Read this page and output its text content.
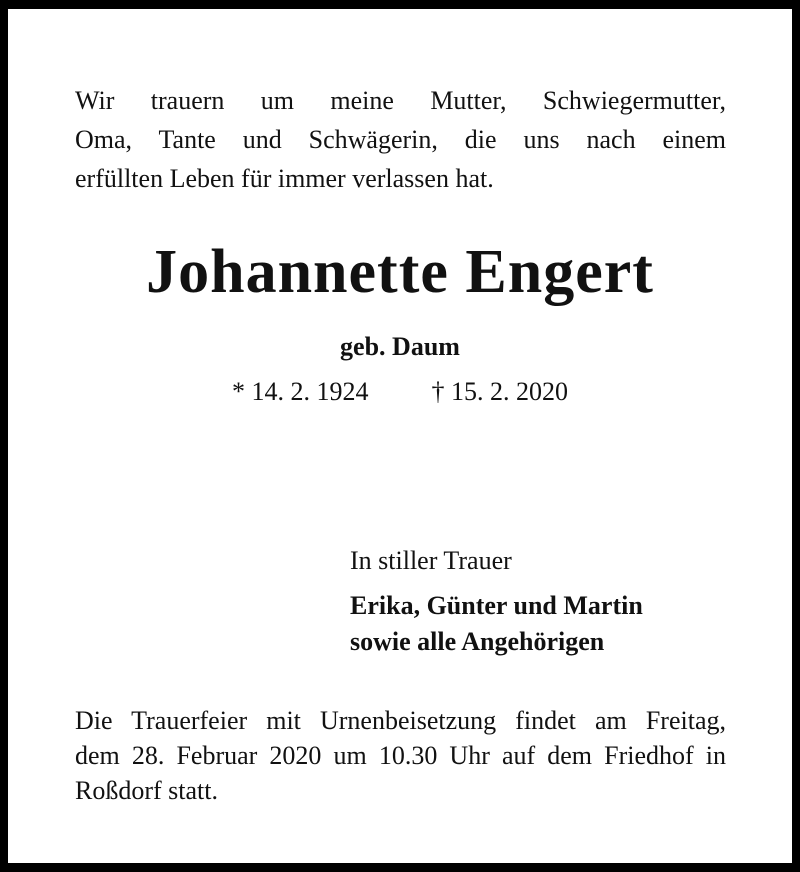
Wir trauern um meine Mutter, Schwiegermutter,
Oma, Tante und Schwägerin, die uns nach einem
erfüllten Leben für immer verlassen hat.
Johannette Engert
geb. Daum
* 14. 2. 1924 † 15. 2. 2020
In stiller Trauer
Erika, Günter und Martin
sowie alle Angehörigen
Die Trauerfeier mit Urnenbeisetzung findet am Freitag,
dem 28. Februar 2020 um 10.30 Uhr auf dem Friedhof in
Roßdorf statt.
